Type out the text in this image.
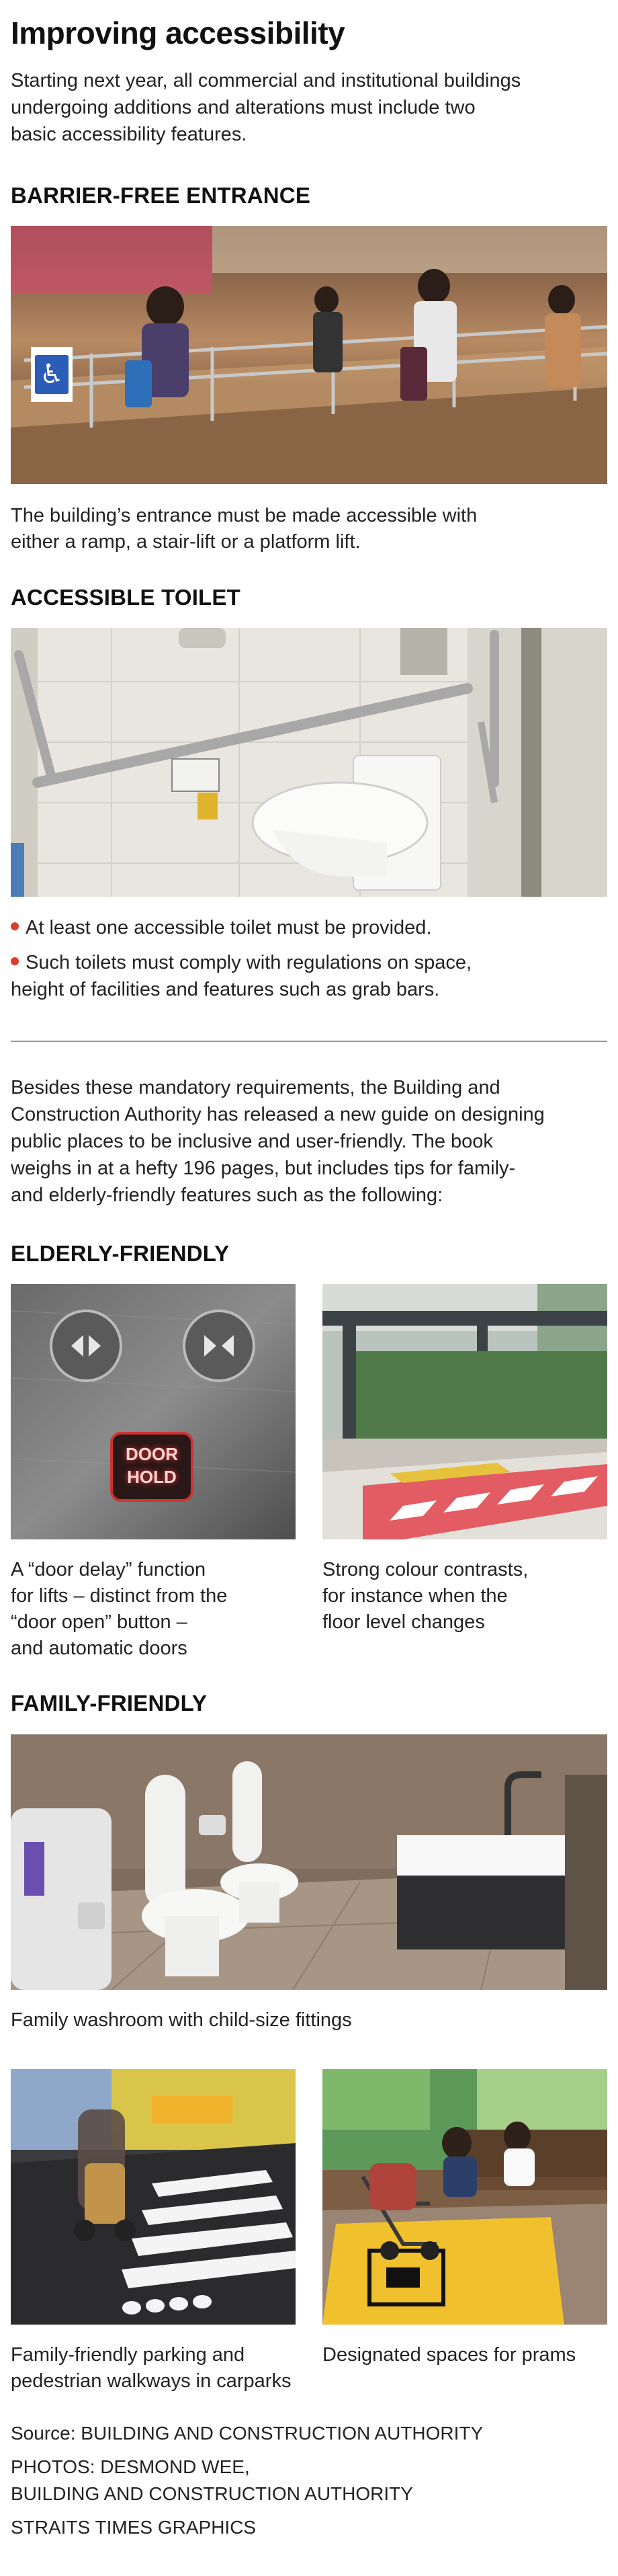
Improving accessibility
Starting next year, all commercial and institutional buildings
undergoing additions and alterations must include two
basic accessibility features.
BARRIER-FREE ENTRANCE
♿
The building’s entrance must be made accessible with
either a ramp, a stair-lift or a platform lift.
ACCESSIBLE TOILET
At least one accessible toilet must be provided.
Such toilets must comply with regulations on space,
height of facilities and features such as grab bars.
Besides these mandatory requirements, the Building and
Construction Authority has released a new guide on designing
public places to be inclusive and user-friendly. The book
weighs in at a hefty 196 pages, but includes tips for family-
and elderly-friendly features such as the following:
ELDERLY-FRIENDLY
DOOR
HOLD
A “door delay” function
for lifts – distinct from the
“door open” button –
and automatic doors
Strong colour contrasts,
for instance when the
floor level changes
FAMILY-FRIENDLY
Family washroom with child-size fittings
Family-friendly parking and
pedestrian walkways in carparks
Designated spaces for prams
Source: BUILDING AND CONSTRUCTION AUTHORITY
PHOTOS: DESMOND WEE,
BUILDING AND CONSTRUCTION AUTHORITY
STRAITS TIMES GRAPHICS
